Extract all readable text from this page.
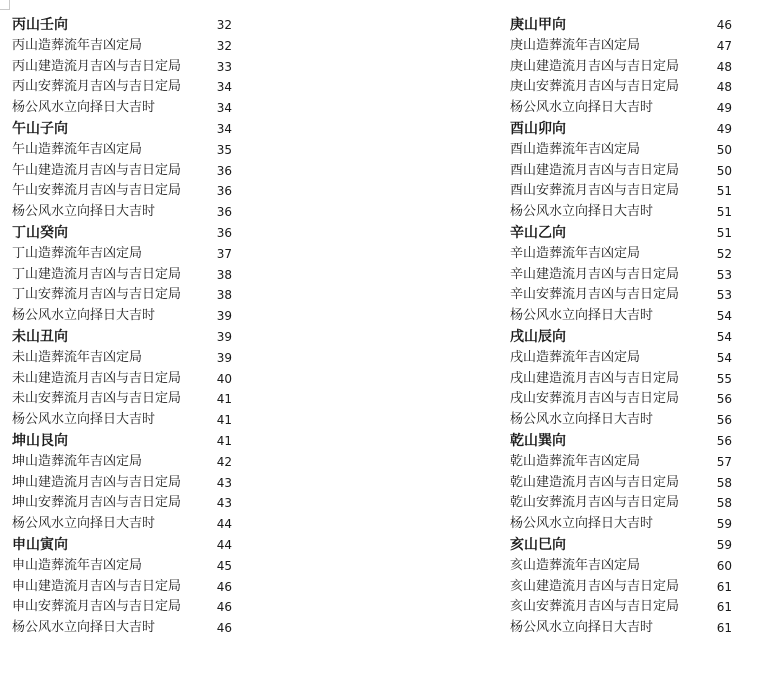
丙山壬向	32
丙山造葬流年吉凶定局	32
丙山建造流月吉凶与吉日定局	33
丙山安葬流月吉凶与吉日定局	34
杨公风水立向择日大吉时	34
午山子向	34
午山造葬流年吉凶定局	35
午山建造流月吉凶与吉日定局	36
午山安葬流月吉凶与吉日定局	36
杨公风水立向择日大吉时	36
丁山癸向	36
丁山造葬流年吉凶定局	37
丁山建造流月吉凶与吉日定局	38
丁山安葬流月吉凶与吉日定局	38
杨公风水立向择日大吉时	39
未山丑向	39
未山造葬流年吉凶定局	39
未山建造流月吉凶与吉日定局	40
未山安葬流月吉凶与吉日定局	41
杨公风水立向择日大吉时	41
坤山艮向	41
坤山造葬流年吉凶定局	42
坤山建造流月吉凶与吉日定局	43
坤山安葬流月吉凶与吉日定局	43
杨公风水立向择日大吉时	44
申山寅向	44
申山造葬流年吉凶定局	45
申山建造流月吉凶与吉日定局	46
申山安葬流月吉凶与吉日定局	46
杨公风水立向择日大吉时	46
庚山甲向	46
庚山造葬流年吉凶定局	47
庚山建造流月吉凶与吉日定局	48
庚山安葬流月吉凶与吉日定局	48
杨公风水立向择日大吉时	49
酉山卯向	49
酉山造葬流年吉凶定局	50
酉山建造流月吉凶与吉日定局	50
酉山安葬流月吉凶与吉日定局	51
杨公风水立向择日大吉时	51
辛山乙向	51
辛山造葬流年吉凶定局	52
辛山建造流月吉凶与吉日定局	53
辛山安葬流月吉凶与吉日定局	53
杨公风水立向择日大吉时	54
戌山辰向	54
戌山造葬流年吉凶定局	54
戌山建造流月吉凶与吉日定局	55
戌山安葬流月吉凶与吉日定局	56
杨公风水立向择日大吉时	56
乾山巽向	56
乾山造葬流年吉凶定局	57
乾山建造流月吉凶与吉日定局	58
乾山安葬流月吉凶与吉日定局	58
杨公风水立向择日大吉时	59
亥山巳向	59
亥山造葬流年吉凶定局	60
亥山建造流月吉凶与吉日定局	61
亥山安葬流月吉凶与吉日定局	61
杨公风水立向择日大吉时	61
